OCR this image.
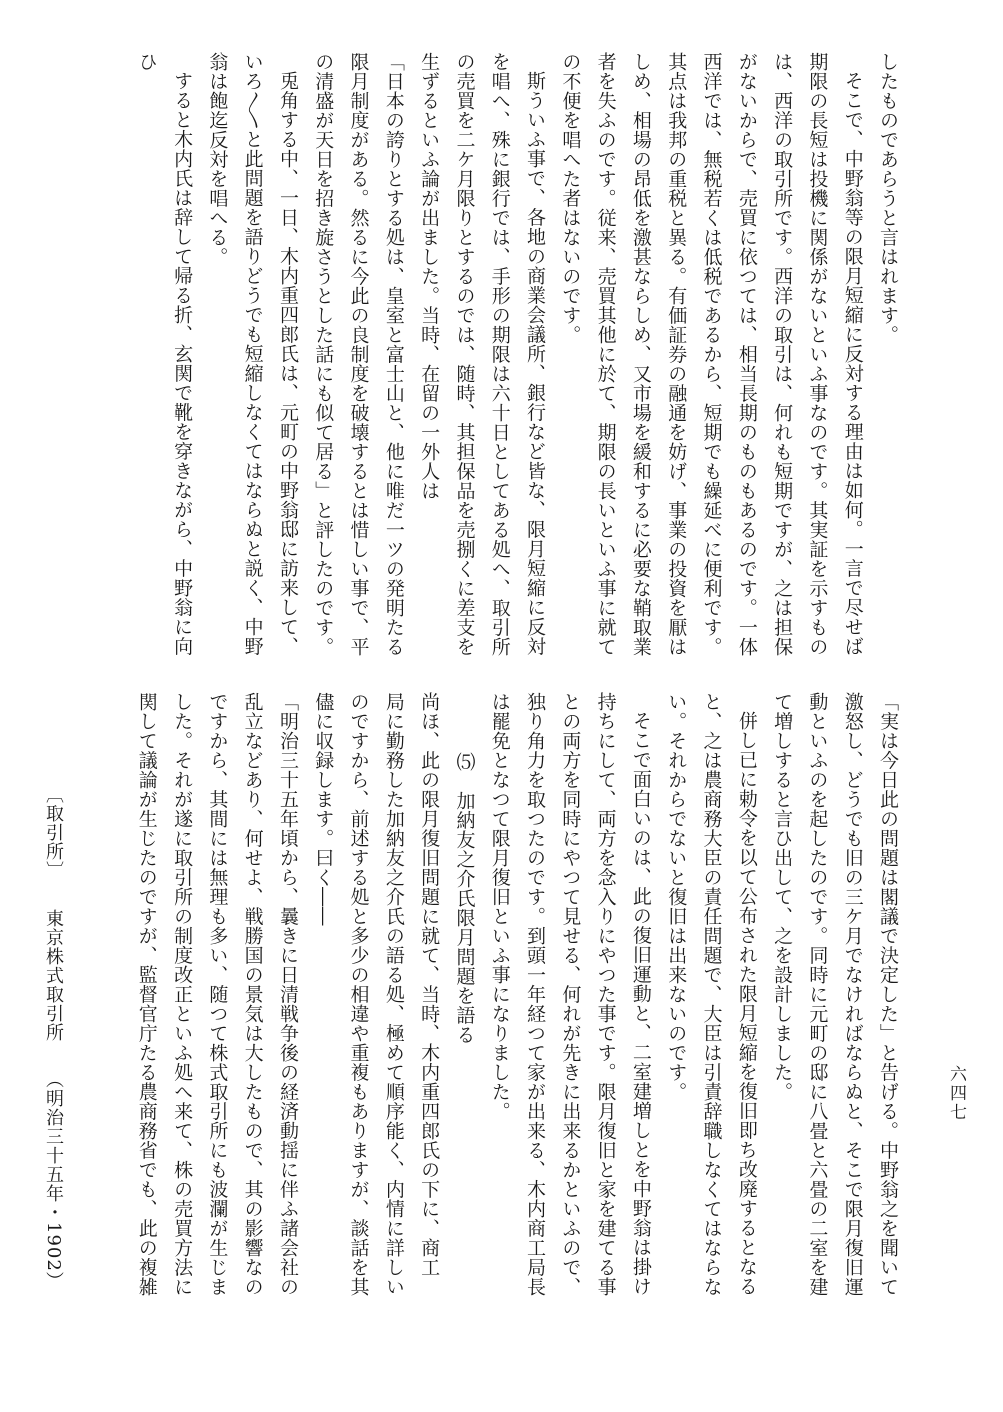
したものであらうと言はれます。
そこで、中野翁等の限月短縮に反対する理由は如何。一言で尽せば
期限の長短は投機に関係がないといふ事なのです。其実証を示すもの
は、西洋の取引所です。西洋の取引は、何れも短期ですが、之は担保
がないからで、売買に依つては、相当長期のものもあるのです。一体
西洋では、無税若くは低税であるから、短期でも繰延べに便利です。
其点は我邦の重税と異る。有価証券の融通を妨げ、事業の投資を厭は
しめ、相場の昂低を激甚ならしめ、又市場を緩和するに必要な鞘取業
者を失ふのです。従来、売買其他に於て、期限の長いといふ事に就て
の不便を唱へた者はないのです。
斯ういふ事で、各地の商業会議所、銀行など皆な、限月短縮に反対
を唱へ、殊に銀行では、手形の期限は六十日としてある処へ、取引所
の売買を二ケ月限りとするのでは、随時、其担保品を売捌くに差支を
生ずるといふ論が出ました。当時、在留の一外人は
「日本の誇りとする処は、皇室と富士山と、他に唯だ一ツの発明たる
限月制度がある。然るに今此の良制度を破壊するとは惜しい事で、平
の清盛が天日を招き旋さうとした話にも似て居る」と評したのです。
兎角する中、一日、木内重四郎氏は、元町の中野翁邸に訪来して、
いろ〳〵と此問題を語りどうでも短縮しなくてはならぬと説く、中野
翁は飽迄反対を唱へる。
すると木内氏は辞して帰る折、玄関で靴を穿きながら、中野翁に向
ひ
「実は今日此の問題は閣議で決定した」と告げる。中野翁之を聞いて
激怒し、どうでも旧の三ケ月でなければならぬと、そこで限月復旧運
動といふのを起したのです。同時に元町の邸に八畳と六畳の二室を建
て増しすると言ひ出して、之を設計しました。
併し已に勅令を以て公布された限月短縮を復旧即ち改廃するとなる
と、之は農商務大臣の責任問題で、大臣は引責辞職しなくてはならな
い。それからでないと復旧は出来ないのです。
そこで面白いのは、此の復旧運動と、二室建増しとを中野翁は掛け
持ちにして、両方を念入りにやつた事です。限月復旧と家を建てる事
との両方を同時にやつて見せる、何れが先きに出来るかといふので、
独り角力を取つたのです。到頭一年経つて家が出来る、木内商工局長
は罷免となつて限月復旧といふ事になりました。
⑸　加納友之介氏限月問題を語る
尚ほ、此の限月復旧問題に就て、当時、木内重四郎氏の下に、商工
局に勤務した加納友之介氏の語る処、極めて順序能く、内情に詳しい
のですから、前述する処と多少の相違や重複もありますが、談話を其
儘に収録します。曰く――
「明治三十五年頃から、曩きに日清戦争後の経済動揺に伴ふ諸会社の
乱立などあり、何せよ、戦勝国の景気は大したもので、其の影響なの
ですから、其間には無理も多い、随つて株式取引所にも波瀾が生じま
した。それが遂に取引所の制度改正といふ処へ来て、株の売買方法に
関して議論が生じたのですが、監督官庁たる農商務省でも、此の複雑
〔取引所〕 東京株式取引所 （明治三十五年・1902）	六四七
